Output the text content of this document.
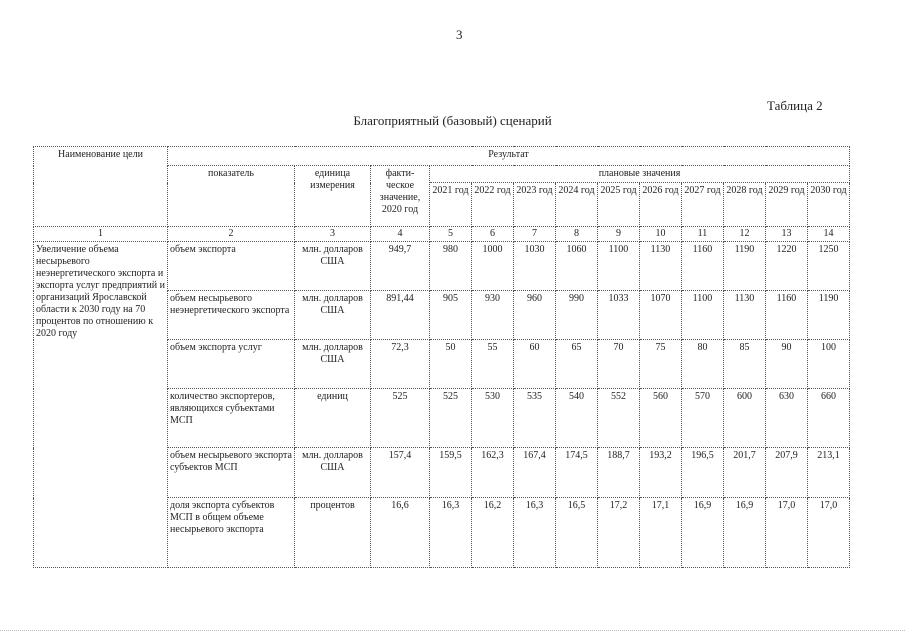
3
Таблица 2
Благоприятный (базовый) сценарий
Наименование цели	Результат												
	показатель	единица измерения	факти-ческое значение, 2020 год	плановые значения									
				2021 год	2022 год	2023 год	2024 год	2025 год	2026 год	2027 год	2028 год	2029 год	2030 год
1	2	3	4	5	6	7	8	9	10	11	12	13	14
Увеличение объема несырьевого неэнергетического экспорта и экспорта услуг предприятий и организаций Ярославской области к 2030 году на 70 процентов по отношению к 2020 году	объем экспорта	млн. долларов США	949,7	980	1000	1030	1060	1100	1130	1160	1190	1220	1250
	объем несырьевого неэнергетического экспорта	млн. долларов США	891,44	905	930	960	990	1033	1070	1100	1130	1160	1190
	объем экспорта услуг	млн. долларов США	72,3	50	55	60	65	70	75	80	85	90	100
	количество экспортеров, являющихся субъектами МСП	единиц	525	525	530	535	540	552	560	570	600	630	660
	объем несырьевого экспорта субъектов МСП	млн. долларов США	157,4	159,5	162,3	167,4	174,5	188,7	193,2	196,5	201,7	207,9	213,1
	доля экспорта субъектов МСП в общем объеме несырьевого экспорта	процентов	16,6	16,3	16,2	16,3	16,5	17,2	17,1	16,9	16,9	17,0	17,0
